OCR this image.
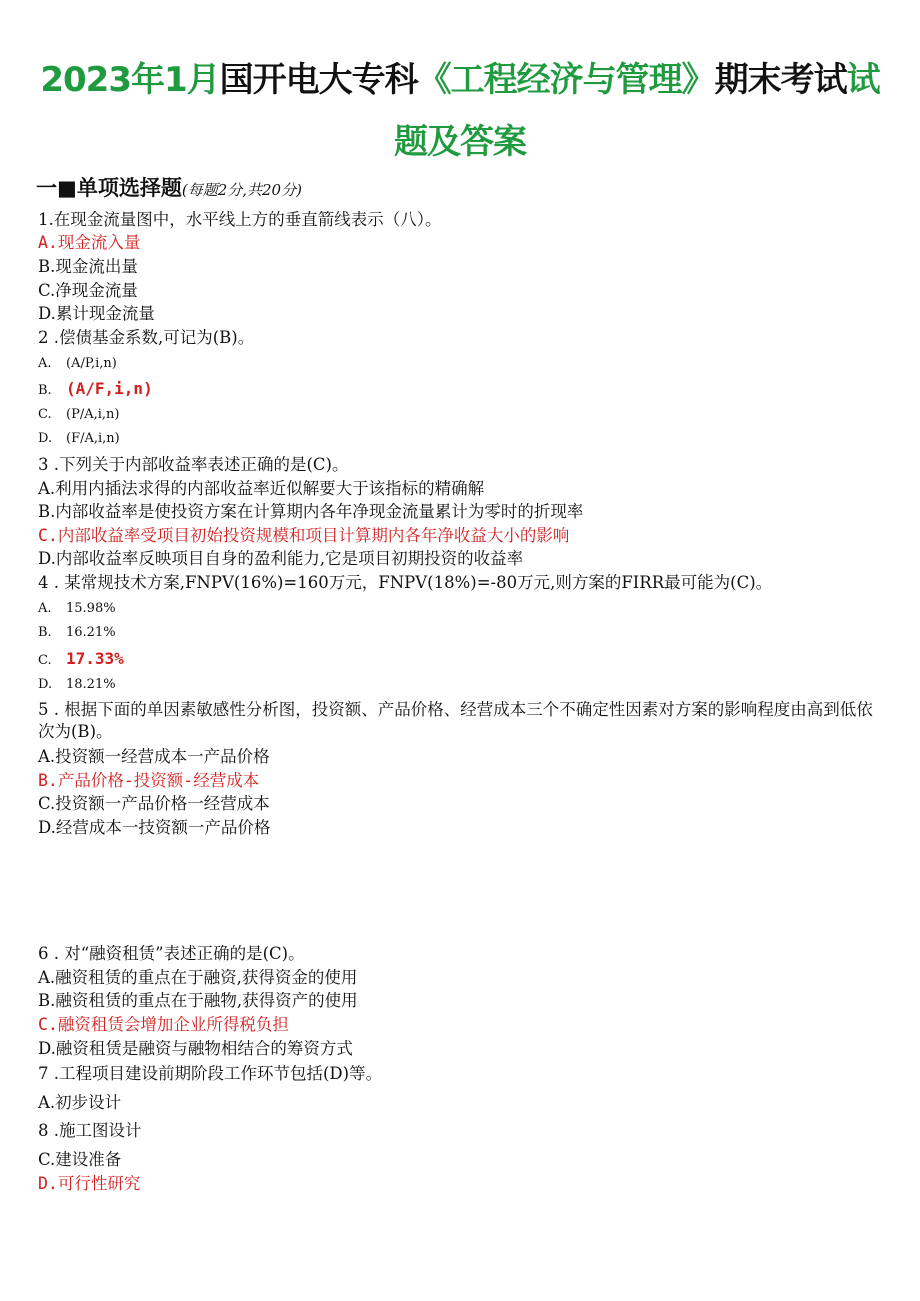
2023年1月国开电大专科《工程经济与管理》期末考试试
题及答案
一■单项选择题(每题2分,共20分)
1.在现金流量图中，水平线上方的垂直箭线表示（八）。
A.现金流入量
B.现金流出量
C.净现金流量
D.累计现金流量
2 .偿债基金系数,可记为(B)。
A. (A/P,i,n)
B. (A/F,i,n)
C. (P/A,i,n)
D. (F/A,i,n)
3 .下列关于内部收益率表述正确的是(C)。
A.利用内插法求得的内部收益率近似解要大于该指标的精确解
B.内部收益率是使投资方案在计算期内各年净现金流量累计为零时的折现率
C.内部收益率受项目初始投资规模和项目计算期内各年净收益大小的影响
D.内部收益率反映项目自身的盈利能力,它是项目初期投资的收益率
4 . 某常规技术方案,FNPV(16%)=160万元，FNPV(18%)=-80万元,则方案的FIRR最可能为(C)。
A. 15.98%
B. 16.21%
C. 17.33%
D. 18.21%
5 . 根据下面的单因素敏感性分析图，投资额、产品价格、经营成本三个不确定性因素对方案的影响程度由高到低依次为(B)。
A.投资额一经营成本一产品价格
B.产品价格-投资额-经营成本
C.投资额一产品价格一经营成本
D.经营成本一技资额一产品价格
6 . 对“融资租赁”表述正确的是(C)。
A.融资租赁的重点在于融资,获得资金的使用
B.融资租赁的重点在于融物,获得资产的使用
C.融资租赁会增加企业所得税负担
D.融资租赁是融资与融物相结合的筹资方式
7 .工程项目建设前期阶段工作环节包括(D)等。
A.初步设计
8 .施工图设计
C.建设准备
D.可行性研究
